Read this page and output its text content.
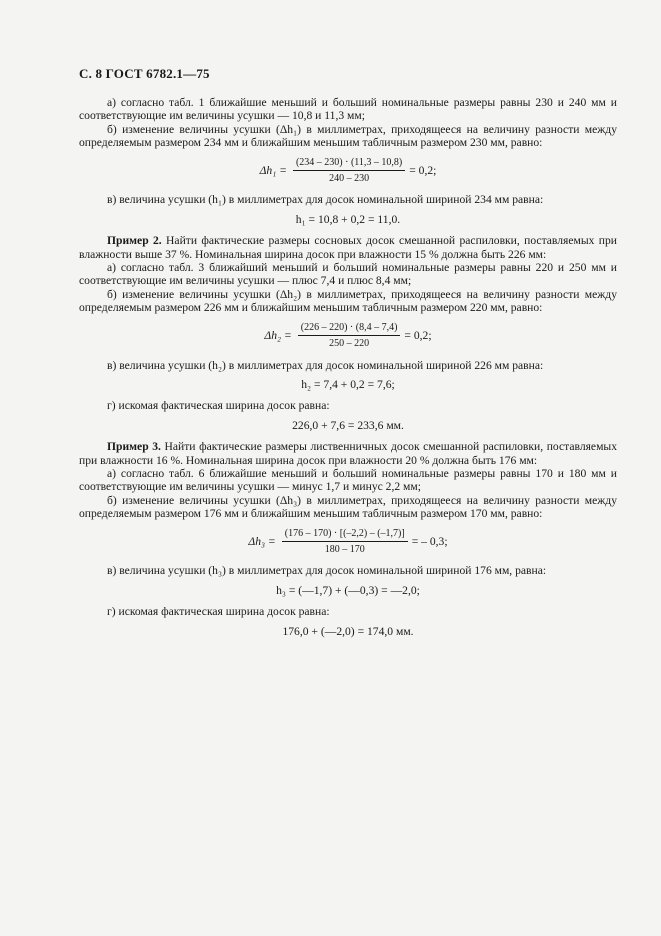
С. 8 ГОСТ 6782.1—75

а) согласно табл. 1 ближайшие меньший и больший номинальные размеры равны 230 и 240 мм и соответствующие им величины усушки — 10,8 и 11,3 мм;

б) изменение величины усушки (Δh₁) в миллиметрах, приходящееся на величину разности между определяемым размером 234 мм и ближайшим меньшим табличным размером 230 мм, равно:

$\Delta h_1 = \frac{(234 - 230) \cdot (11,3 - 10,8)}{240 - 230} = 0,2$;

в) величина усушки (h₁) в миллиметрах для досок номинальной шириной 234 мм равна:

h₁ = 10,8 + 0,2 = 11,0.

Пример 2. Найти фактические размеры сосновых досок смешанной распиловки, поставляемых при влажности выше 37 %. Номинальная ширина досок при влажности 15 % должна быть 226 мм:

а) согласно табл. 3 ближайший меньший и больший номинальные размеры равны 220 и 250 мм и соответствующие им величины усушки — плюс 7,4 и плюс 8,4 мм;

б) изменение величины усушки (Δh₂) в миллиметрах, приходящееся на величину разности между определяемым размером 226 мм и ближайшим меньшим табличным размером 220 мм, равно:

$\Delta h_2 = \frac{(226 - 220) \cdot (8,4 - 7,4)}{250 - 220} = 0,2$;

в) величина усушки (h₂) в миллиметрах для досок номинальной шириной 226 мм равна:

h₂ = 7,4 + 0,2 = 7,6;

г) искомая фактическая ширина досок равна:

226,0 + 7,6 = 233,6 мм.

Пример 3. Найти фактические размеры лиственничных досок смешанной распиловки, поставляемых при влажности 16 %. Номинальная ширина досок при влажности 20 % должна быть 176 мм:

а) согласно табл. 6 ближайшие меньший и больший номинальные размеры равны 170 и 180 мм и соответствующие им величины усушки — минус 1,7 и минус 2,2 мм;

б) изменение величины усушки (Δh₃) в миллиметрах, приходящееся на величину разности между определяемым размером 176 мм и ближайшим меньшим табличным размером 170 мм, равно:

$\Delta h_3 = \frac{(176 - 170) \cdot [(-2,2) - (-1,7)]}{180 - 170}$ = – 0,3;

в) величина усушки (h₃) в миллиметрах для досок номинальной шириной 176 мм, равна:

h₃ = (—1,7) + (—0,3) = —2,0;

г) искомая фактическая ширина досок равна:

176,0 + (—2,0) = 174,0 мм.
